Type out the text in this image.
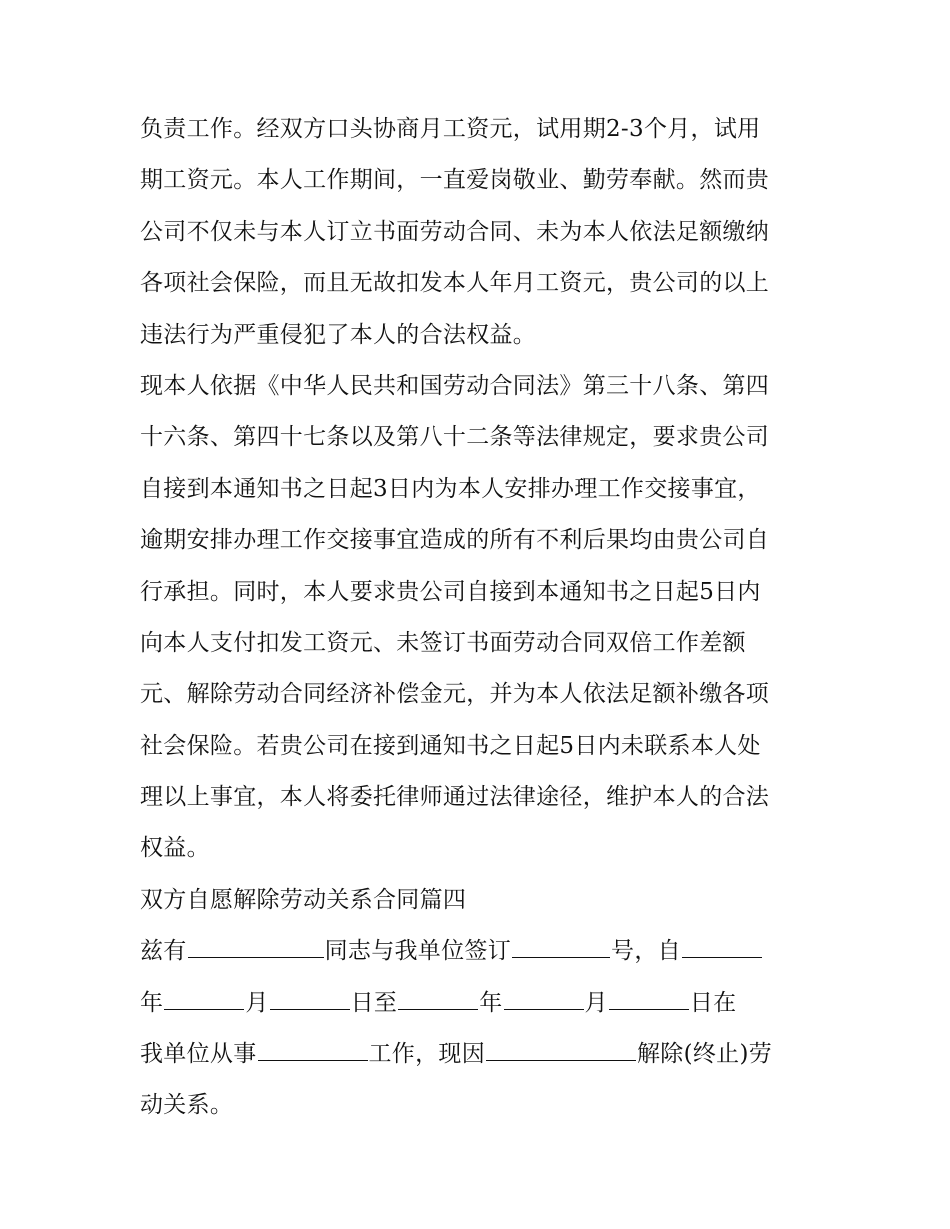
负责工作。经双方口头协商月工资元，试用期2-3个月，试用
期工资元。本人工作期间，一直爱岗敬业、勤劳奉献。然而贵
公司不仅未与本人订立书面劳动合同、未为本人依法足额缴纳
各项社会保险，而且无故扣发本人年月工资元，贵公司的以上
违法行为严重侵犯了本人的合法权益。
现本人依据《中华人民共和国劳动合同法》第三十八条、第四
十六条、第四十七条以及第八十二条等法律规定，要求贵公司
自接到本通知书之日起3日内为本人安排办理工作交接事宜，
逾期安排办理工作交接事宜造成的所有不利后果均由贵公司自
行承担。同时，本人要求贵公司自接到本通知书之日起5日内
向本人支付扣发工资元、未签订书面劳动合同双倍工作差额
元、解除劳动合同经济补偿金元，并为本人依法足额补缴各项
社会保险。若贵公司在接到通知书之日起5日内未联系本人处
理以上事宜，本人将委托律师通过法律途径，维护本人的合法
权益。
双方自愿解除劳动关系合同篇四
兹有	同志与我单位签订	号，自
年	月	日至	年	月	日在
我单位从事	工作，现因	解除(终止)劳
动关系。
